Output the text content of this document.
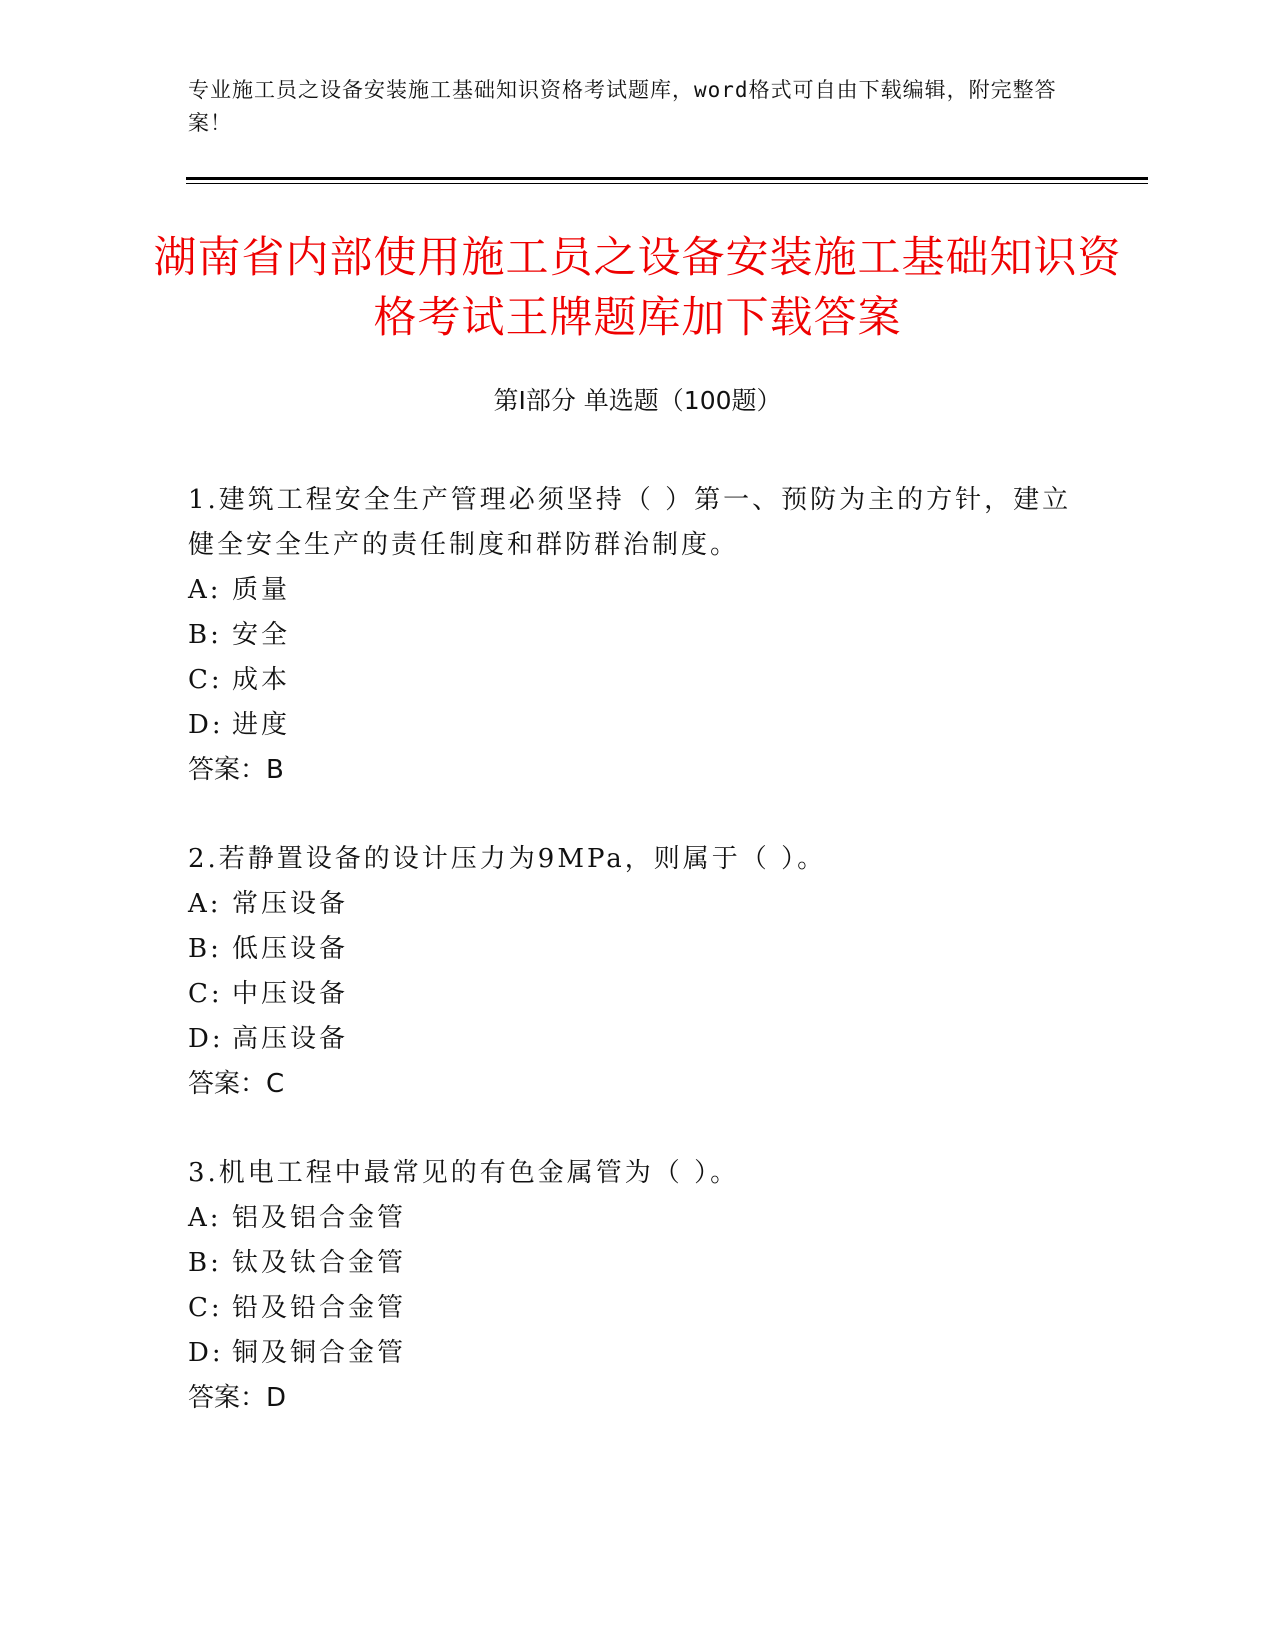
专业施工员之设备安装施工基础知识资格考试题库，word格式可自由下载编辑，附完整答案！
湖南省内部使用施工员之设备安装施工基础知识资格考试王牌题库加下载答案
第I部分 单选题（100题）
1.建筑工程安全生产管理必须坚持（ ）第一、预防为主的方针，建立健全安全生产的责任制度和群防群治制度。
A: 质量
B: 安全
C: 成本
D: 进度
答案：B
2.若静置设备的设计压力为9MPa，则属于（ ）。
A: 常压设备
B: 低压设备
C: 中压设备
D: 高压设备
答案：C
3.机电工程中最常见的有色金属管为（ ）。
A: 铝及铝合金管
B: 钛及钛合金管
C: 铅及铅合金管
D: 铜及铜合金管
答案：D
